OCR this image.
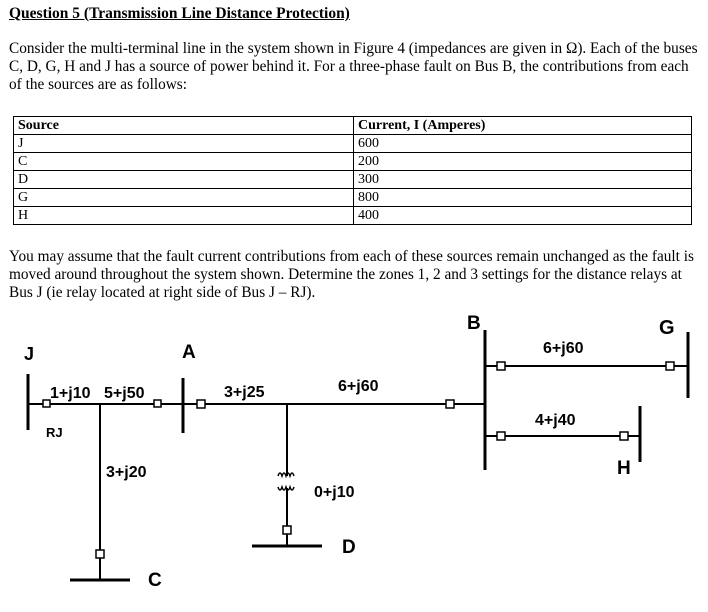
Question 5 (Transmission Line Distance Protection)

Consider the multi-terminal line in the system shown in Figure 4 (impedances are given in Ω). Each of the buses C, D, G, H and J has a source of power behind it. For a three-phase fault on Bus B, the contributions from each of the sources are as follows:

Source	Current, I (Amperes)
J	600
C	200
D	300
G	800
H	400

You may assume that the fault current contributions from each of these sources remain unchanged as the fault is moved around throughout the system shown. Determine the zones 1, 2 and 3 settings for the distance relays at Bus J (ie relay located at right side of Bus J – RJ).

J	A
B
C
D
G
H
1+j10 5+j50
RJ
3+j20
3+j25	6+j60
6+j60
4+j40
0+j10
